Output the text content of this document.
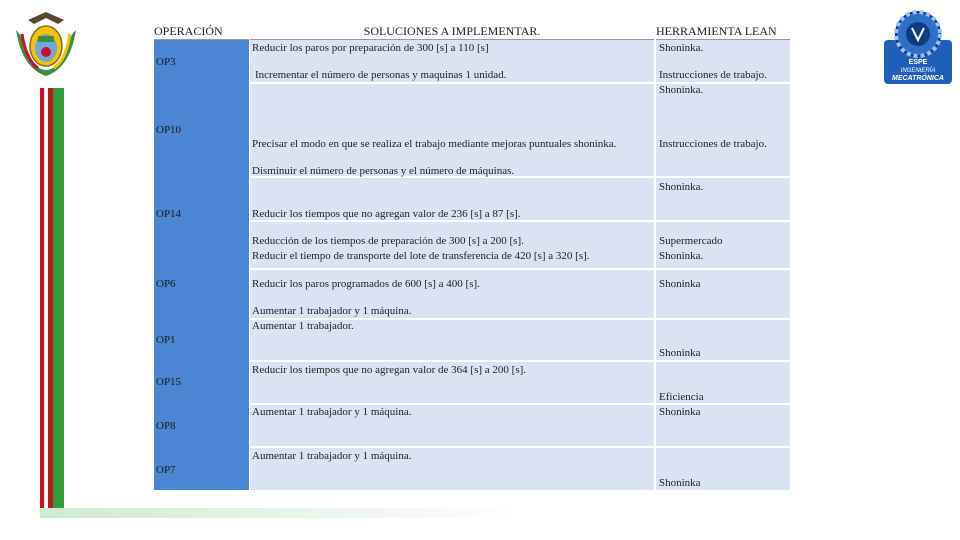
ESPE
INGENIERÍA
MECATRÓNICA
OPERACIÓN	SOLUCIONES A IMPLEMENTAR.	HERRAMIENTA LEAN
OP3
OP10
OP14
OP6
OP1
OP15
OP8
OP7
Reducir los paros por preparación de 300 [s] a 110 [s]
Incrementar el número de personas y maquinas 1 unidad.
Precisar el modo en que se realiza el trabajo mediante mejoras puntuales shoninka.
Disminuir el número de personas y el número de máquinas.
Reducir los tiempos que no agregan valor de 236 [s] a 87 [s].
Reducción de los tiempos de preparación de 300 [s] a 200 [s].
Reducir el tiempo de transporte del lote de transferencia de 420 [s] a 320 [s].
Reducir los paros programados de 600 [s] a 400 [s].
Aumentar 1 trabajador y 1 máquina.
Aumentar 1 trabajador.
Reducir los tiempos que no agregan valor de 364 [s] a 200 [s].
Aumentar 1 trabajador y 1 máquina.
Aumentar 1 trabajador y 1 máquina.
Shoninka.
Instrucciones de trabajo.
Shoninka.
Instrucciones de trabajo.
Shoninka.
Supermercado
Shoninka.
Shoninka
Shoninka
Eficiencia
Shoninka
Shoninka
